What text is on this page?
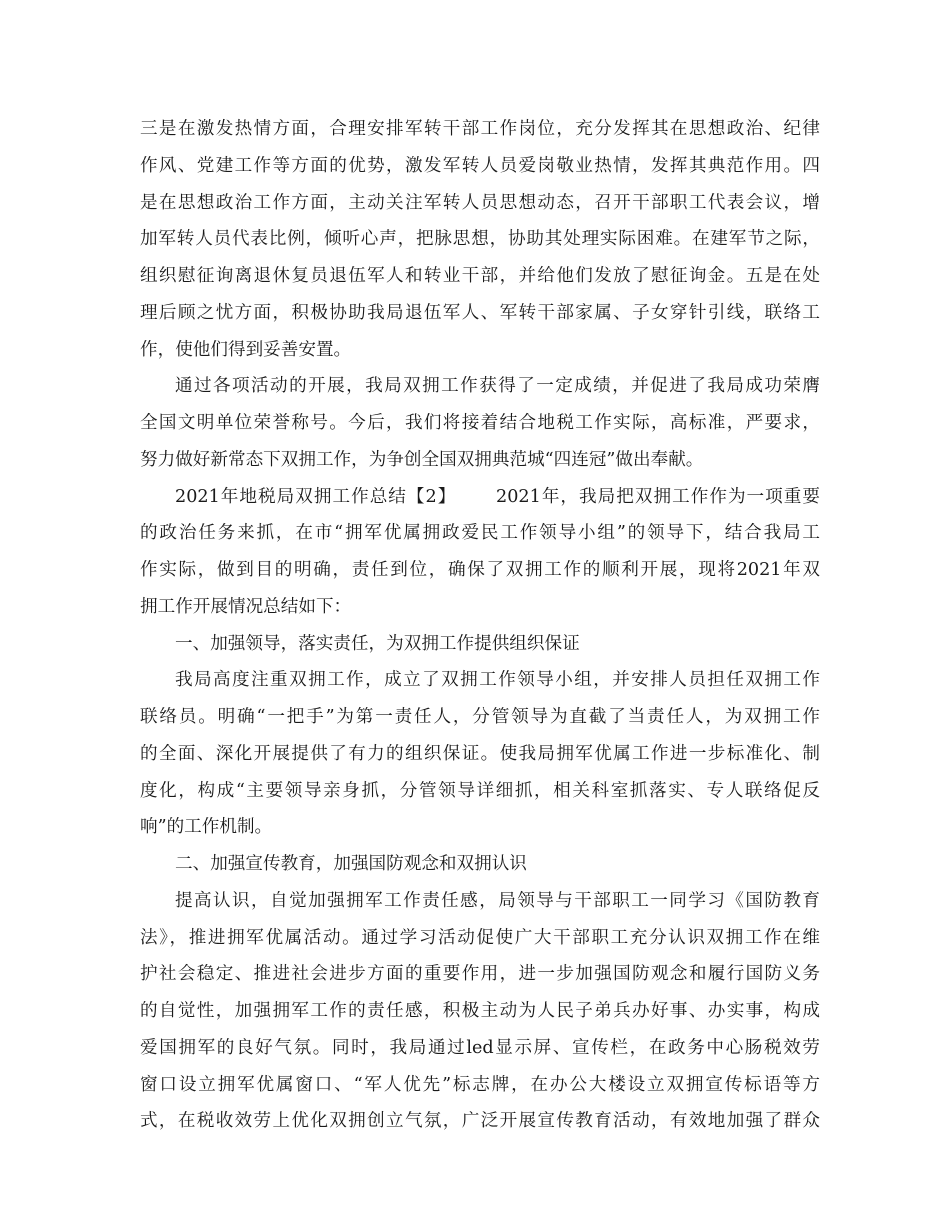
三是在激发热情方面，合理安排军转干部工作岗位，充分发挥其在思想政治、纪律
作风、党建工作等方面的优势，激发军转人员爱岗敬业热情，发挥其典范作用。四
是在思想政治工作方面，主动关注军转人员思想动态，召开干部职工代表会议，增
加军转人员代表比例，倾听心声，把脉思想，协助其处理实际困难。在建军节之际，
组织慰征询离退休复员退伍军人和转业干部，并给他们发放了慰征询金。五是在处
理后顾之忧方面，积极协助我局退伍军人、军转干部家属、子女穿针引线，联络工
作，使他们得到妥善安置。
通过各项活动的开展，我局双拥工作获得了一定成绩，并促进了我局成功荣膺
全国文明单位荣誉称号。今后，我们将接着结合地税工作实际，高标准，严要求，
努力做好新常态下双拥工作，为争创全国双拥典范城“四连冠”做出奉献。
2021年地税局双拥工作总结【2】      2021年，我局把双拥工作作为一项重要
的政治任务来抓，在市“拥军优属拥政爱民工作领导小组”的领导下，结合我局工
作实际，做到目的明确，责任到位，确保了双拥工作的顺利开展，现将2021年双
拥工作开展情况总结如下：
一、加强领导，落实责任，为双拥工作提供组织保证
我局高度注重双拥工作，成立了双拥工作领导小组，并安排人员担任双拥工作
联络员。明确“一把手”为第一责任人，分管领导为直截了当责任人，为双拥工作
的全面、深化开展提供了有力的组织保证。使我局拥军优属工作进一步标准化、制
度化，构成“主要领导亲身抓，分管领导详细抓，相关科室抓落实、专人联络促反
响”的工作机制。
二、加强宣传教育，加强国防观念和双拥认识
提高认识，自觉加强拥军工作责任感，局领导与干部职工一同学习《国防教育
法》，推进拥军优属活动。通过学习活动促使广大干部职工充分认识双拥工作在维
护社会稳定、推进社会进步方面的重要作用，进一步加强国防观念和履行国防义务
的自觉性，加强拥军工作的责任感，积极主动为人民子弟兵办好事、办实事，构成
爱国拥军的良好气氛。同时，我局通过led显示屏、宣传栏，在政务中心肠税效劳
窗口设立拥军优属窗口、“军人优先”标志牌，在办公大楼设立双拥宣传标语等方
式，在税收效劳上优化双拥创立气氛，广泛开展宣传教育活动，有效地加强了群众
